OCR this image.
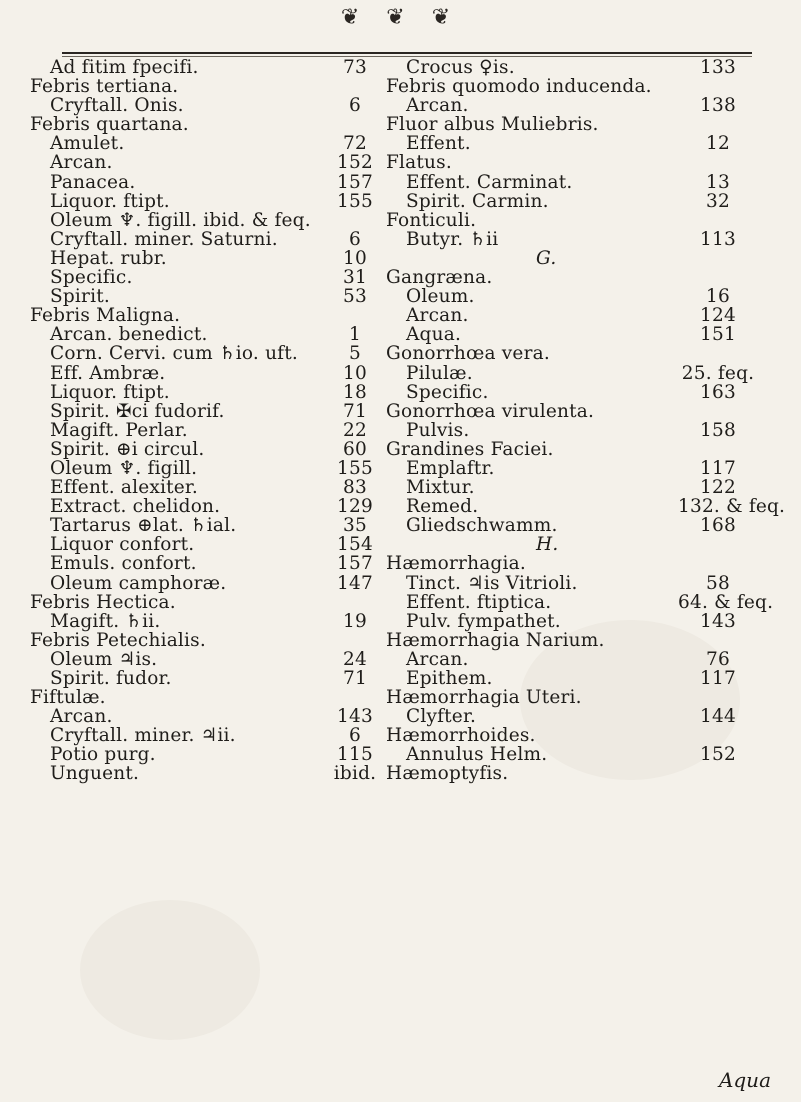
❦ ❦ ❦
Ad fitim fpecifi.	73
Febris tertiana.
Cryftall. Onis.	6
Febris quartana.
Amulet.	72
Arcan.	152
Panacea.	157
Liquor. ftipt.	155
Oleum ♆. figill. ibid. & feq.
Cryftall. miner. Saturni.	6
Hepat. rubr.	10
Specific.	31
Spirit.	53
Febris Maligna.
Arcan. benedict.	1
Corn. Cervi. cum ♄io. uft.	5
Eff. Ambræ.	10
Liquor. ftipt.	18
Spirit. ✠ci fudorif.	71
Magift. Perlar.	22
Spirit. ⊕i circul.	60
Oleum ♆. figill.	155
Effent. alexiter.	83
Extract. chelidon.	129
Tartarus ⊕lat. ♄ial.	35
Liquor confort.	154
Emuls. confort.	157
Oleum camphoræ.	147
Febris Hectica.
Magift. ♄ii.	19
Febris Petechialis.
Oleum ♃is.	24
Spirit. fudor.	71
Fiftulæ.
Arcan.	143
Cryftall. miner. ♃ii.	6
Potio purg.	115
Unguent.	ibid.
Crocus ♀is.	133
Febris quomodo inducenda.
Arcan.	138
Fluor albus Muliebris.
Effent.	12
Flatus.
Effent. Carminat.	13
Spirit. Carmin.	32
Fonticuli.
Butyr. ♄ii	113
G.
Gangræna.
Oleum.	16
Arcan.	124
Aqua.	151
Gonorrhœa vera.
Pilulæ.	25. feq.
Specific.	163
Gonorrhœa virulenta.
Pulvis.	158
Grandines Faciei.
Emplaftr.	117
Mixtur.	122
Remed.	132. & feq.
Gliedschwamm.	168
H.
Hæmorrhagia.
Tinct. ♃is Vitrioli.	58
Effent. ftiptica.	64. & feq.
Pulv. fympathet.	143
Hæmorrhagia Narium.
Arcan.	76
Epithem.	117
Hæmorrhagia Uteri.
Clyfter.	144
Hæmorrhoides.
Annulus Helm.	152
Hæmoptyfis.
Aqua
